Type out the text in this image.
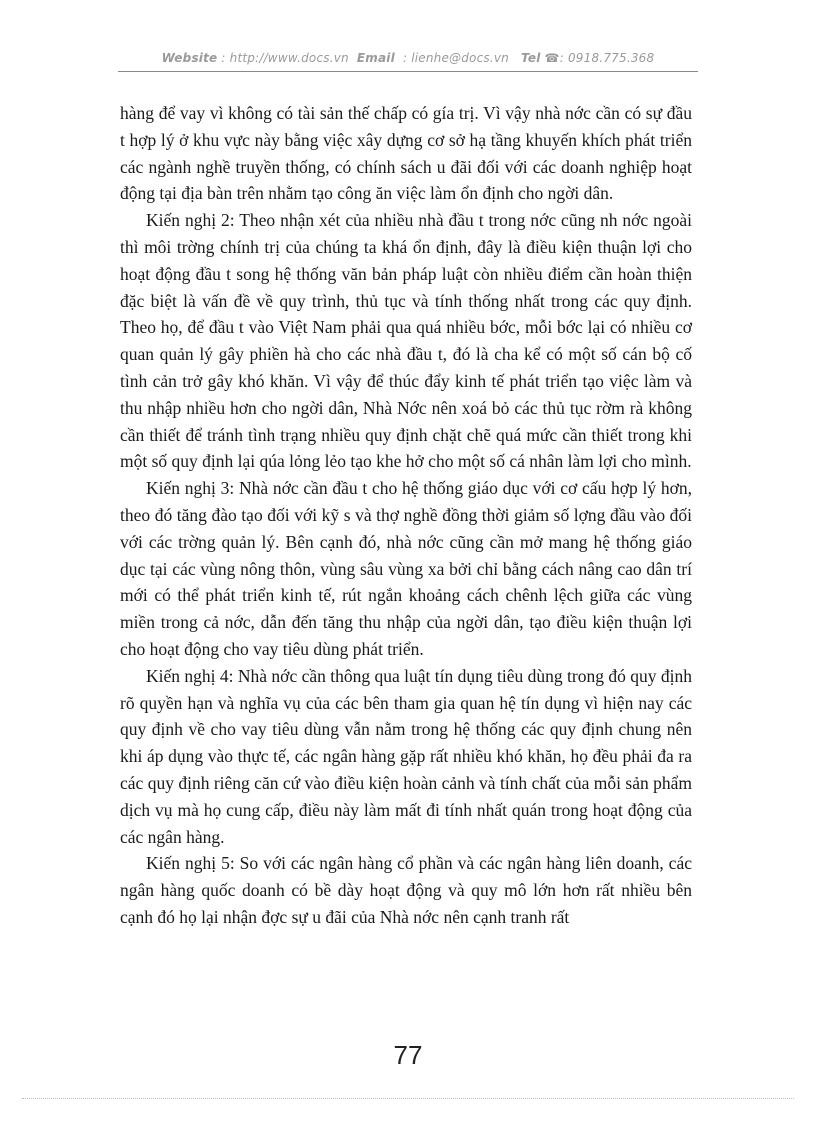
Website : http://www.docs.vn Email : lienhe@docs.vn Tel ☎: 0918.775.368

hàng để vay vì không có tài sản thế chấp có gía trị. Vì vậy nhà nớc cần có sự đầu t hợp lý ở khu vực này bằng việc xây dựng cơ sở hạ tầng khuyến khích phát triển các ngành nghề truyền thống, có chính sách u đãi đối với các doanh nghiệp hoạt động tại địa bàn trên nhằm tạo công ăn việc làm ổn định cho ngời dân.

Kiến nghị 2: Theo nhận xét của nhiều nhà đầu t trong nớc cũng nh nớc ngoài thì môi trờng chính trị của chúng ta khá ổn định, đây là điều kiện thuận lợi cho hoạt động đầu t song hệ thống văn bản pháp luật còn nhiều điểm cần hoàn thiện đặc biệt là vấn đề về quy trình, thủ tục và tính thống nhất trong các quy định. Theo họ, để đầu t vào Việt Nam phải qua quá nhiều bớc, mỗi bớc lại có nhiều cơ quan quản lý gây phiền hà cho các nhà đầu t, đó là cha kể có một số cán bộ cố tình cản trở gây khó khăn. Vì vậy để thúc đẩy kinh tế phát triển tạo việc làm và thu nhập nhiều hơn cho ngời dân, Nhà Nớc nên xoá bỏ các thủ tục rờm rà không cần thiết để tránh tình trạng nhiều quy định chặt chẽ quá mức cần thiết trong khi một số quy định lại qúa lỏng lẻo tạo khe hở cho một số cá nhân làm lợi cho mình.

Kiến nghị 3: Nhà nớc cần đầu t cho hệ thống giáo dục với cơ cấu hợp lý hơn, theo đó tăng đào tạo đối với kỹ s và thợ nghề đồng thời giảm số lợng đầu vào đối với các trờng quản lý. Bên cạnh đó, nhà nớc cũng cần mở mang hệ thống giáo dục tại các vùng nông thôn, vùng sâu vùng xa bởi chỉ bằng cách nâng cao dân trí mới có thể phát triển kinh tế, rút ngắn khoảng cách chênh lệch giữa các vùng miền trong cả nớc, dẫn đến tăng thu nhập của ngời dân, tạo điều kiện thuận lợi cho hoạt động cho vay tiêu dùng phát triển.

Kiến nghị 4: Nhà nớc cần thông qua luật tín dụng tiêu dùng trong đó quy định rõ quyền hạn và nghĩa vụ của các bên tham gia quan hệ tín dụng vì hiện nay các quy định về cho vay tiêu dùng vẫn nằm trong hệ thống các quy định chung nên khi áp dụng vào thực tế, các ngân hàng gặp rất nhiều khó khăn, họ đều phải đa ra các quy định riêng căn cứ vào điều kiện hoàn cảnh và tính chất của mỗi sản phẩm dịch vụ mà họ cung cấp, điều này làm mất đi tính nhất quán trong hoạt động của các ngân hàng.

Kiến nghị 5: So với các ngân hàng cổ phần và các ngân hàng liên doanh, các ngân hàng quốc doanh có bề dày hoạt động và quy mô lớn hơn rất nhiều bên cạnh đó họ lại nhận đợc sự u đãi của Nhà nớc nên cạnh tranh rất

77
